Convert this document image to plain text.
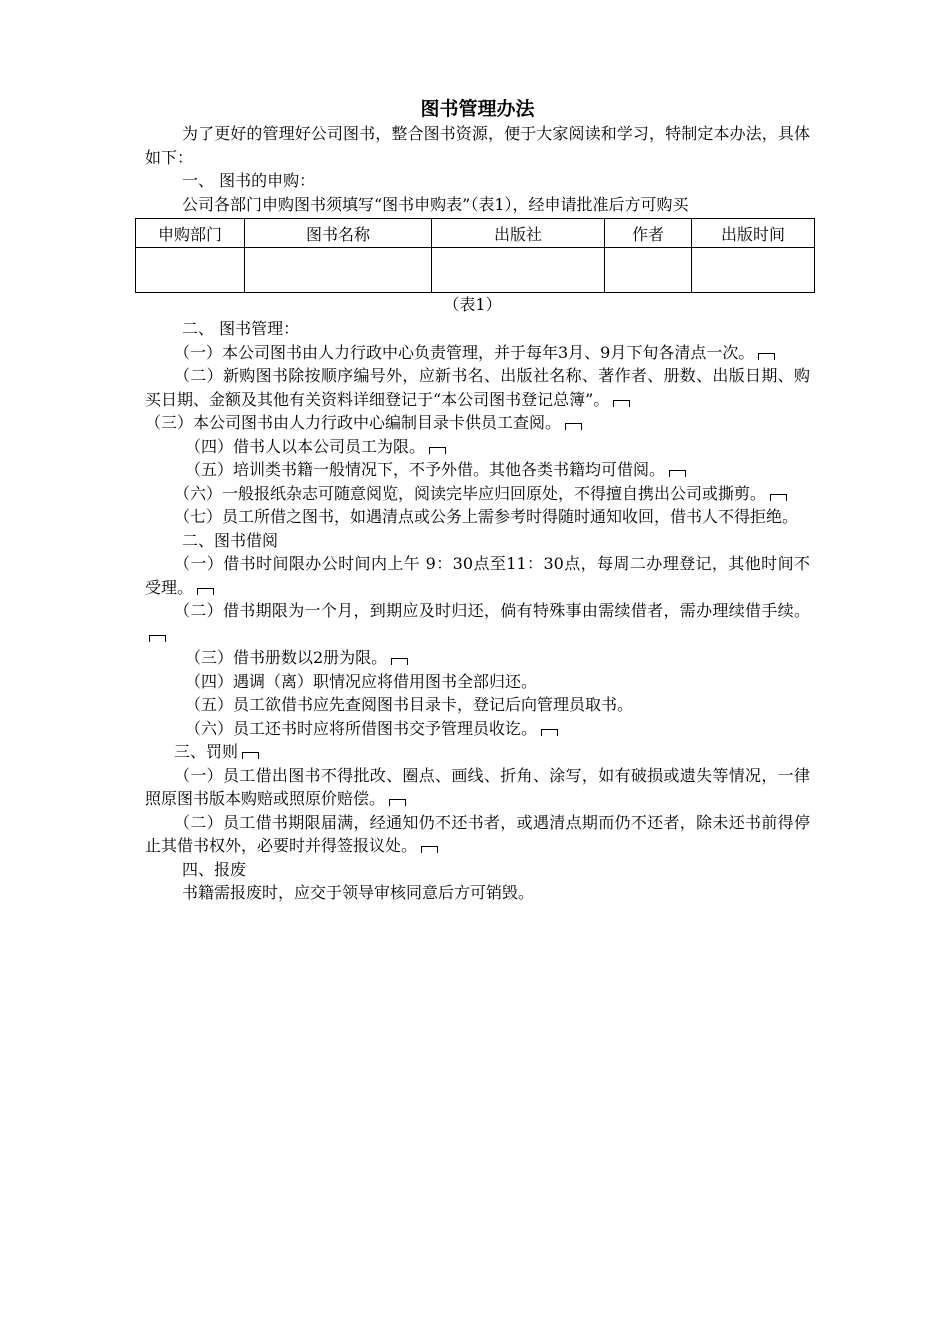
图书管理办法

为了更好的管理好公司图书，整合图书资源，便于大家阅读和学习，特制定本办法，具体如下：

一、 图书的申购：

公司各部门申购图书须填写“图书申购表”（表1），经申请批准后方可购买

申购部门	图书名称	出版社	作者	出版时间

（表1）

二、 图书管理：

（一）本公司图书由人力行政中心负责管理，并于每年3月、9月下旬各清点一次。

（二）新购图书除按顺序编号外，应新书名、出版社名称、著作者、册数、出版日期、购买日期、金额及其他有关资料详细登记于“本公司图书登记总簿”。

（三）本公司图书由人力行政中心编制目录卡供员工查阅。

（四）借书人以本公司员工为限。

（五）培训类书籍一般情况下，不予外借。其他各类书籍均可借阅。

（六）一般报纸杂志可随意阅览，阅读完毕应归回原处，不得擅自携出公司或撕剪。

（七）员工所借之图书，如遇清点或公务上需参考时得随时通知收回，借书人不得拒绝。

二、图书借阅

（一）借书时间限办公时间内上午 9：30点至11：30点，每周二办理登记，其他时间不受理。

（二）借书期限为一个月，到期应及时归还，倘有特殊事由需续借者，需办理续借手续。

（三）借书册数以2册为限。

（四）遇调（离）职情况应将借用图书全部归还。

（五）员工欲借书应先查阅图书目录卡，登记后向管理员取书。

（六）员工还书时应将所借图书交予管理员收讫。

三、罚则

（一）员工借出图书不得批改、圈点、画线、折角、涂写，如有破损或遗失等情况，一律照原图书版本购赔或照原价赔偿。

（二）员工借书期限届满，经通知仍不还书者，或遇清点期而仍不还者，除未还书前得停止其借书权外，必要时并得签报议处。

四、报废

书籍需报废时，应交于领导审核同意后方可销毁。
